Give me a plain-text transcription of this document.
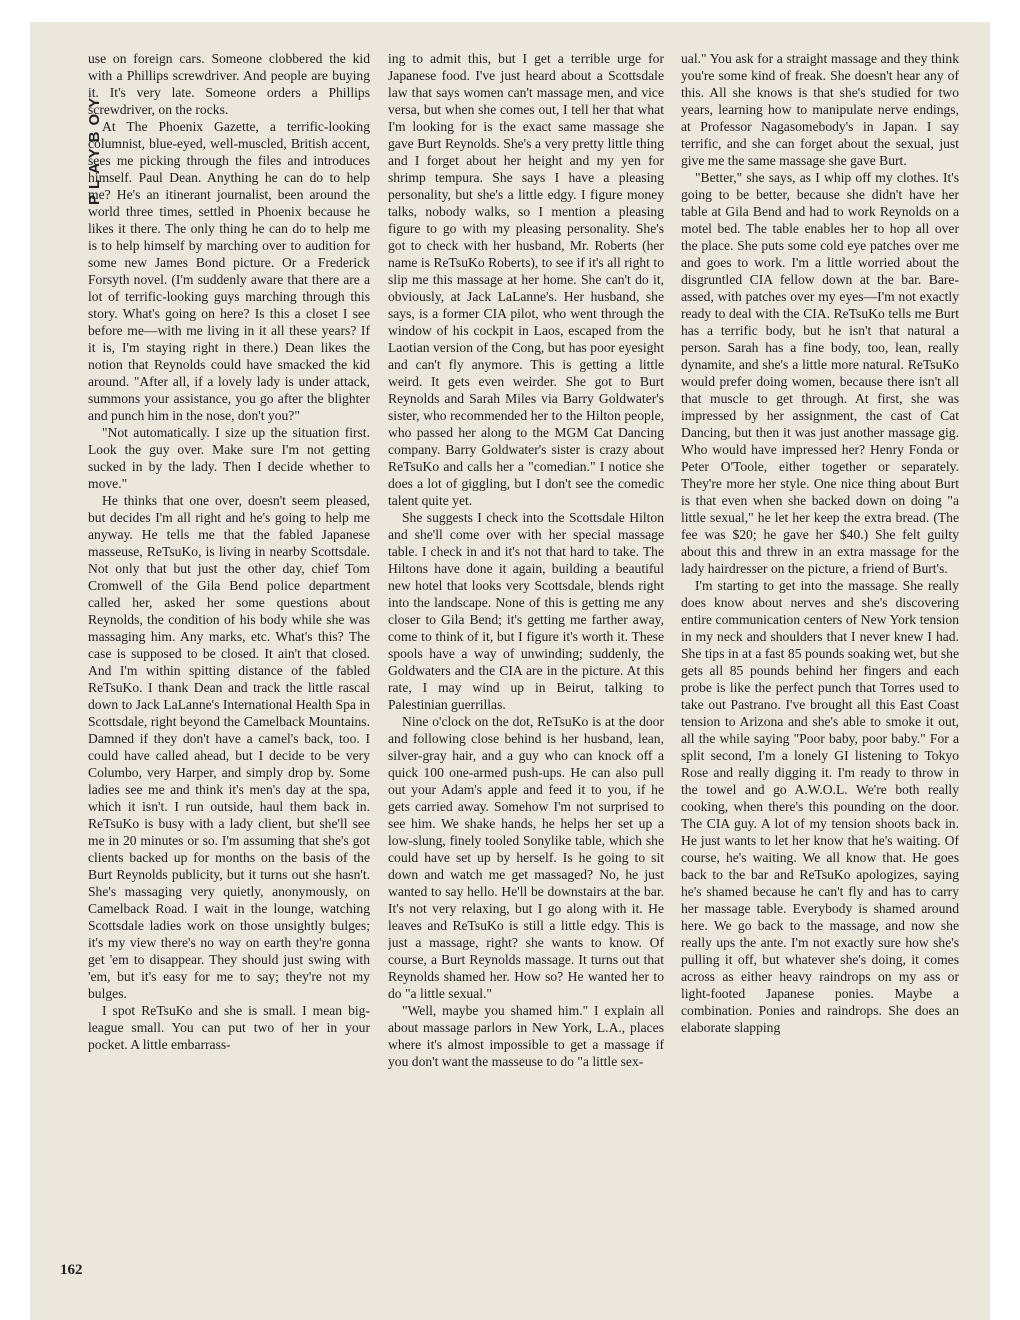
PLAYBOY

use on foreign cars. Someone clobbered the kid with a Phillips screwdriver. And people are buying it. It's very late. Someone orders a Phillips screwdriver, on the rocks.

At The Phoenix Gazette, a terrific-looking columnist, blue-eyed, well-muscled, British accent, sees me picking through the files and introduces himself. Paul Dean. Anything he can do to help me? He's an itinerant journalist, been around the world three times, settled in Phoenix because he likes it there. The only thing he can do to help me is to help himself by marching over to audition for some new James Bond picture. Or a Frederick Forsyth novel. (I'm suddenly aware that there are a lot of terrific-looking guys marching through this story. What's going on here? Is this a closet I see before me—with me living in it all these years? If it is, I'm staying right in there.) Dean likes the notion that Reynolds could have smacked the kid around. "After all, if a lovely lady is under attack, summons your assistance, you go after the blighter and punch him in the nose, don't you?"

"Not automatically. I size up the situation first. Look the guy over. Make sure I'm not getting sucked in by the lady. Then I decide whether to move."

He thinks that one over, doesn't seem pleased, but decides I'm all right and he's going to help me anyway. He tells me that the fabled Japanese masseuse, ReTsuKo, is living in nearby Scottsdale. Not only that but just the other day, chief Tom Cromwell of the Gila Bend police department called her, asked her some questions about Reynolds, the condition of his body while she was massaging him. Any marks, etc. What's this? The case is supposed to be closed. It ain't that closed. And I'm within spitting distance of the fabled ReTsuKo. I thank Dean and track the little rascal down to Jack LaLanne's International Health Spa in Scottsdale, right beyond the Camelback Mountains. Damned if they don't have a camel's back, too. I could have called ahead, but I decide to be very Columbo, very Harper, and simply drop by. Some ladies see me and think it's men's day at the spa, which it isn't. I run outside, haul them back in. ReTsuKo is busy with a lady client, but she'll see me in 20 minutes or so. I'm assuming that she's got clients backed up for months on the basis of the Burt Reynolds publicity, but it turns out she hasn't. She's massaging very quietly, anonymously, on Camelback Road. I wait in the lounge, watching Scottsdale ladies work on those unsightly bulges; it's my view there's no way on earth they're gonna get 'em to disappear. They should just swing with 'em, but it's easy for me to say; they're not my bulges.

I spot ReTsuKo and she is small. I mean big-league small. You can put two of her in your pocket. A little embarrass-

ing to admit this, but I get a terrible urge for Japanese food. I've just heard about a Scottsdale law that says women can't massage men, and vice versa, but when she comes out, I tell her that what I'm looking for is the exact same massage she gave Burt Reynolds. She's a very pretty little thing and I forget about her height and my yen for shrimp tempura. She says I have a pleasing personality, but she's a little edgy. I figure money talks, nobody walks, so I mention a pleasing figure to go with my pleasing personality. She's got to check with her husband, Mr. Roberts (her name is ReTsuKo Roberts), to see if it's all right to slip me this massage at her home. She can't do it, obviously, at Jack LaLanne's. Her husband, she says, is a former CIA pilot, who went through the window of his cockpit in Laos, escaped from the Laotian version of the Cong, but has poor eyesight and can't fly anymore. This is getting a little weird. It gets even weirder. She got to Burt Reynolds and Sarah Miles via Barry Goldwater's sister, who recommended her to the Hilton people, who passed her along to the MGM Cat Dancing company. Barry Goldwater's sister is crazy about ReTsuKo and calls her a "comedian." I notice she does a lot of giggling, but I don't see the comedic talent quite yet.

She suggests I check into the Scottsdale Hilton and she'll come over with her special massage table. I check in and it's not that hard to take. The Hiltons have done it again, building a beautiful new hotel that looks very Scottsdale, blends right into the landscape. None of this is getting me any closer to Gila Bend; it's getting me farther away, come to think of it, but I figure it's worth it. These spools have a way of unwinding; suddenly, the Goldwaters and the CIA are in the picture. At this rate, I may wind up in Beirut, talking to Palestinian guerrillas.

Nine o'clock on the dot, ReTsuKo is at the door and following close behind is her husband, lean, silver-gray hair, and a guy who can knock off a quick 100 one-armed push-ups. He can also pull out your Adam's apple and feed it to you, if he gets carried away. Somehow I'm not surprised to see him. We shake hands, he helps her set up a low-slung, finely tooled Sonylike table, which she could have set up by herself. Is he going to sit down and watch me get massaged? No, he just wanted to say hello. He'll be downstairs at the bar. It's not very relaxing, but I go along with it. He leaves and ReTsuKo is still a little edgy. This is just a massage, right? she wants to know. Of course, a Burt Reynolds massage. It turns out that Reynolds shamed her. How so? He wanted her to do "a little sexual."

"Well, maybe you shamed him." I explain all about massage parlors in New York, L.A., places where it's almost impossible to get a massage if you don't want the masseuse to do "a little sex-

ual." You ask for a straight massage and they think you're some kind of freak. She doesn't hear any of this. All she knows is that she's studied for two years, learning how to manipulate nerve endings, at Professor Nagasomebody's in Japan. I say terrific, and she can forget about the sexual, just give me the same massage she gave Burt.

"Better," she says, as I whip off my clothes. It's going to be better, because she didn't have her table at Gila Bend and had to work Reynolds on a motel bed. The table enables her to hop all over the place. She puts some cold eye patches over me and goes to work. I'm a little worried about the disgruntled CIA fellow down at the bar. Bare-assed, with patches over my eyes—I'm not exactly ready to deal with the CIA. ReTsuKo tells me Burt has a terrific body, but he isn't that natural a person. Sarah has a fine body, too, lean, really dynamite, and she's a little more natural. ReTsuKo would prefer doing women, because there isn't all that muscle to get through. At first, she was impressed by her assignment, the cast of Cat Dancing, but then it was just another massage gig. Who would have impressed her? Henry Fonda or Peter O'Toole, either together or separately. They're more her style. One nice thing about Burt is that even when she backed down on doing "a little sexual," he let her keep the extra bread. (The fee was $20; he gave her $40.) She felt guilty about this and threw in an extra massage for the lady hairdresser on the picture, a friend of Burt's.

I'm starting to get into the massage. She really does know about nerves and she's discovering entire communication centers of New York tension in my neck and shoulders that I never knew I had. She tips in at a fast 85 pounds soaking wet, but she gets all 85 pounds behind her fingers and each probe is like the perfect punch that Torres used to take out Pastrano. I've brought all this East Coast tension to Arizona and she's able to smoke it out, all the while saying "Poor baby, poor baby." For a split second, I'm a lonely GI listening to Tokyo Rose and really digging it. I'm ready to throw in the towel and go A.W.O.L. We're both really cooking, when there's this pounding on the door. The CIA guy. A lot of my tension shoots back in. He just wants to let her know that he's waiting. Of course, he's waiting. We all know that. He goes back to the bar and ReTsuKo apologizes, saying he's shamed because he can't fly and has to carry her massage table. Everybody is shamed around here. We go back to the massage, and now she really ups the ante. I'm not exactly sure how she's pulling it off, but whatever she's doing, it comes across as either heavy raindrops on my ass or light-footed Japanese ponies. Maybe a combination. Ponies and raindrops. She does an elaborate slapping

162
